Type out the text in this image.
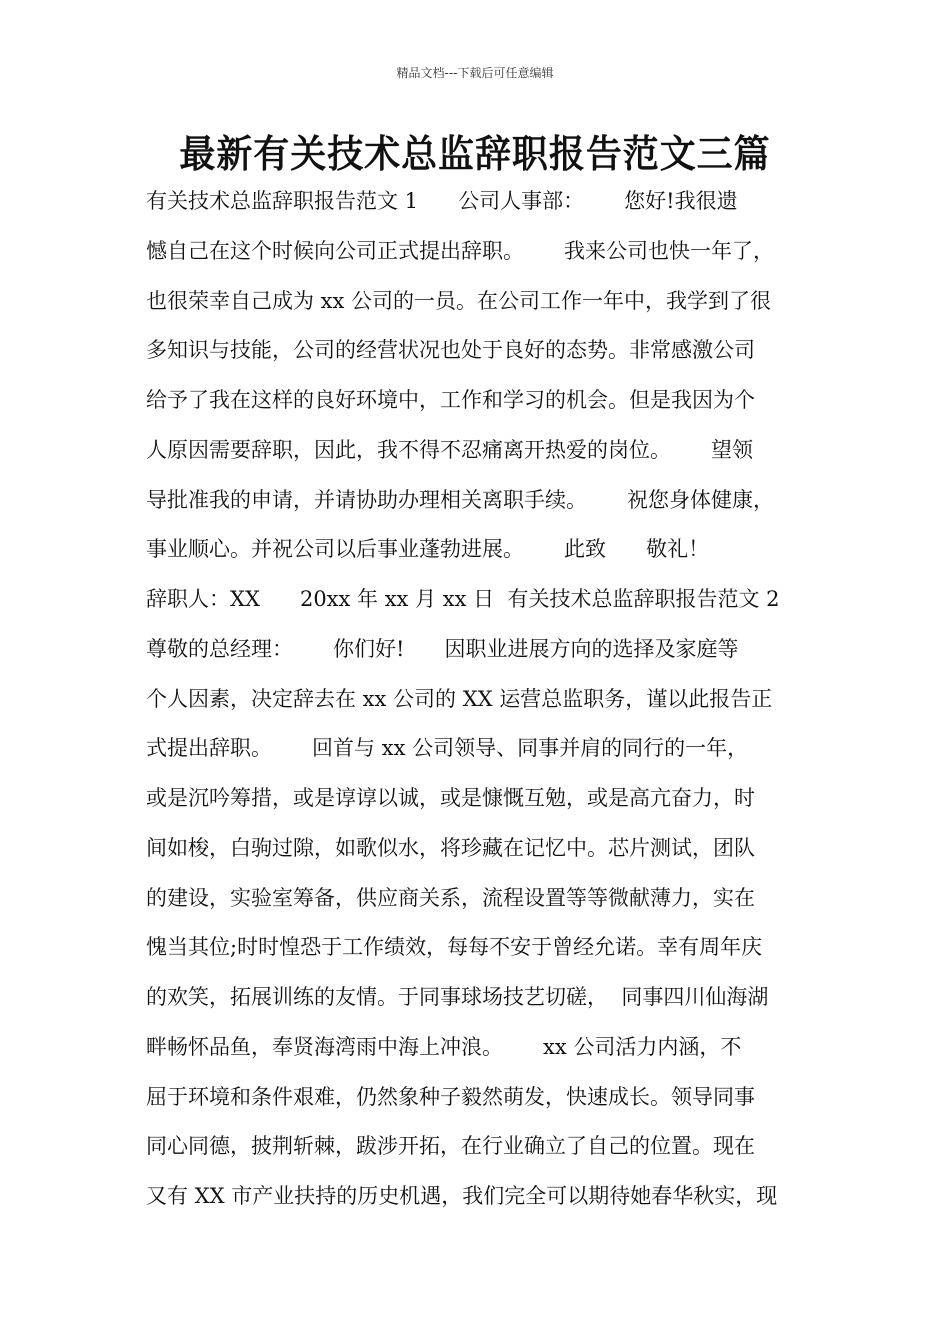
精品文档---下载后可任意编辑
最新有关技术总监辞职报告范文三篇
有关技术总监辞职报告范文 1      公司人事部：      您好!我很遗
憾自己在这个时候向公司正式提出辞职。      我来公司也快一年了，
也很荣幸自己成为 xx 公司的一员。在公司工作一年中，我学到了很
多知识与技能，公司的经营状况也处于良好的态势。非常感激公司
给予了我在这样的良好环境中，工作和学习的机会。但是我因为个
人原因需要辞职，因此，我不得不忍痛离开热爱的岗位。      望领
导批准我的申请，并请协助办理相关离职手续。      祝您身体健康，
事业顺心。并祝公司以后事业蓬勃进展。      此致      敬礼！
辞职人：XX      20xx 年 xx 月 xx 日  有关技术总监辞职报告范文 2
尊敬的总经理：      你们好!      因职业进展方向的选择及家庭等
个人因素，决定辞去在 xx 公司的 XX 运营总监职务，谨以此报告正
式提出辞职。      回首与 xx 公司领导、同事并肩的同行的一年，
或是沉吟筹措，或是谆谆以诚，或是慷慨互勉，或是高亢奋力，时
间如梭，白驹过隙，如歌似水，将珍藏在记忆中。芯片测试，团队
的建设，实验室筹备，供应商关系，流程设置等等微献薄力，实在
愧当其位;时时惶恐于工作绩效，每每不安于曾经允诺。幸有周年庆
的欢笑，拓展训练的友情。于同事球场技艺切磋，  同事四川仙海湖
畔畅怀品鱼，奉贤海湾雨中海上冲浪。      xx 公司活力内涵，不
屈于环境和条件艰难，仍然象种子毅然萌发，快速成长。领导同事
同心同德，披荆斩棘，跋涉开拓，在行业确立了自己的位置。现在
又有 XX 市产业扶持的历史机遇，我们完全可以期待她春华秋实，现
